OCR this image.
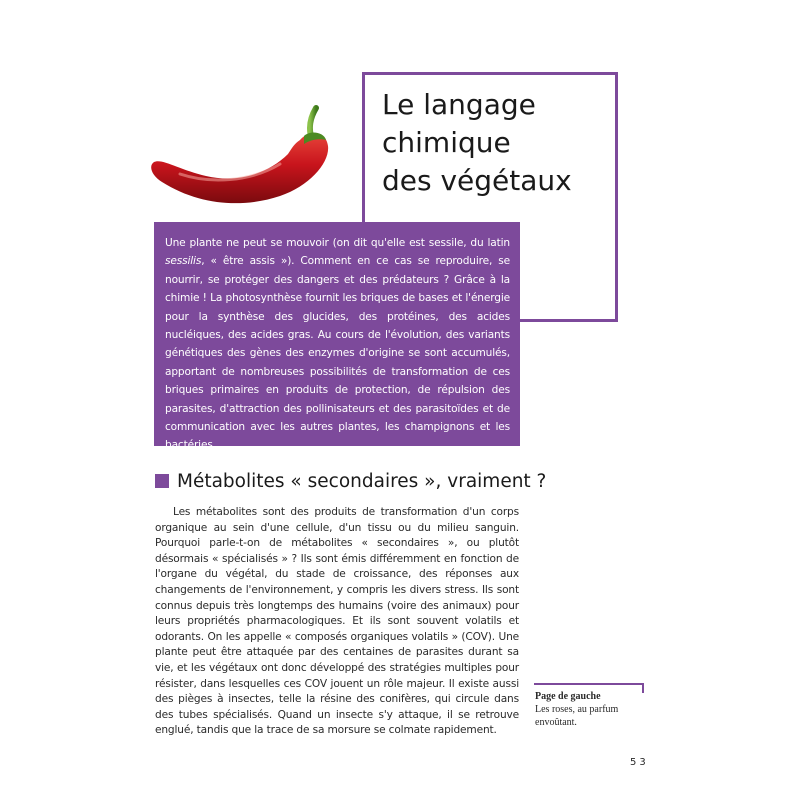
Le langage
chimique
des végétaux
Une plante ne peut se mouvoir (on dit qu'elle est sessile, du latin sessilis, « être assis »). Comment en ce cas se reproduire, se nourrir, se protéger des dangers et des prédateurs ? Grâce à la chimie ! La photosynthèse fournit les briques de bases et l'énergie pour la synthèse des glucides, des protéines, des acides nucléiques, des acides gras. Au cours de l'évolution, des variants génétiques des gènes des enzymes d'origine se sont accumulés, apportant de nombreuses possibilités de transformation de ces briques primaires en produits de protection, de répulsion des parasites, d'attraction des pollinisateurs et des parasitoïdes et de communication avec les autres plantes, les champignons et les bactéries.
Métabolites « secondaires », vraiment ?

Les métabolites sont des produits de transformation d'un corps organique au sein d'une cellule, d'un tissu ou du milieu sanguin. Pourquoi parle-t-on de métabolites « secondaires », ou plutôt désormais « spécialisés » ? Ils sont émis différemment en fonction de l'organe du végétal, du stade de croissance, des réponses aux changements de l'environnement, y compris les divers stress. Ils sont connus depuis très longtemps des humains (voire des animaux) pour leurs propriétés pharmacologiques. Et ils sont souvent volatils et odorants. On les appelle « composés organiques volatils » (COV). Une plante peut être attaquée par des centaines de parasites durant sa vie, et les végétaux ont donc développé des stratégies multiples pour résister, dans lesquelles ces COV jouent un rôle majeur. Il existe aussi des pièges à insectes, telle la résine des conifères, qui circule dans des tubes spécialisés. Quand un insecte s'y attaque, il se retrouve englué, tandis que la trace de sa morsure se colmate rapidement.

Page de gauche
Les roses, au parfum envoûtant.
53
